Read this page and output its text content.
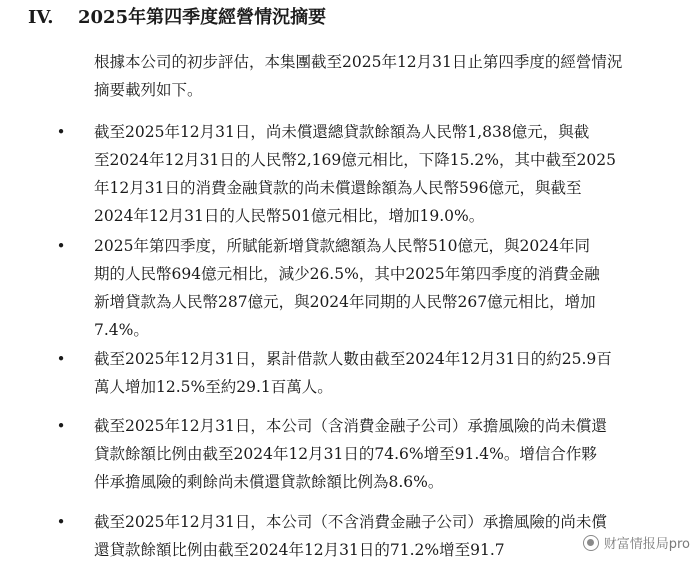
IV. 2025年第四季度經營情況摘要
根據本公司的初步評估，本集團截至2025年12月31日止第四季度的經營情況
摘要載列如下。
• 截至2025年12月31日，尚未償還總貸款餘額為人民幣1,838億元，與截
至2024年12月31日的人民幣2,169億元相比，下降15.2%，其中截至2025
年12月31日的消費金融貸款的尚未償還餘額為人民幣596億元，與截至
2024年12月31日的人民幣501億元相比，增加19.0%。
• 2025年第四季度，所賦能新增貸款總額為人民幣510億元，與2024年同
期的人民幣694億元相比，減少26.5%，其中2025年第四季度的消費金融
新增貸款為人民幣287億元，與2024年同期的人民幣267億元相比，增加
7.4%。
• 截至2025年12月31日，累計借款人數由截至2024年12月31日的約25.9百
萬人增加12.5%至約29.1百萬人。
• 截至2025年12月31日，本公司（含消費金融子公司）承擔風險的尚未償還
貸款餘額比例由截至2024年12月31日的74.6%增至91.4%。增信合作夥
伴承擔風險的剩餘尚未償還貸款餘額比例為8.6%。
• 截至2025年12月31日，本公司（不含消費金融子公司）承擔風險的尚未償
還貸款餘額比例由截至2024年12月31日的71.2%增至91.7	财富情报局pro
